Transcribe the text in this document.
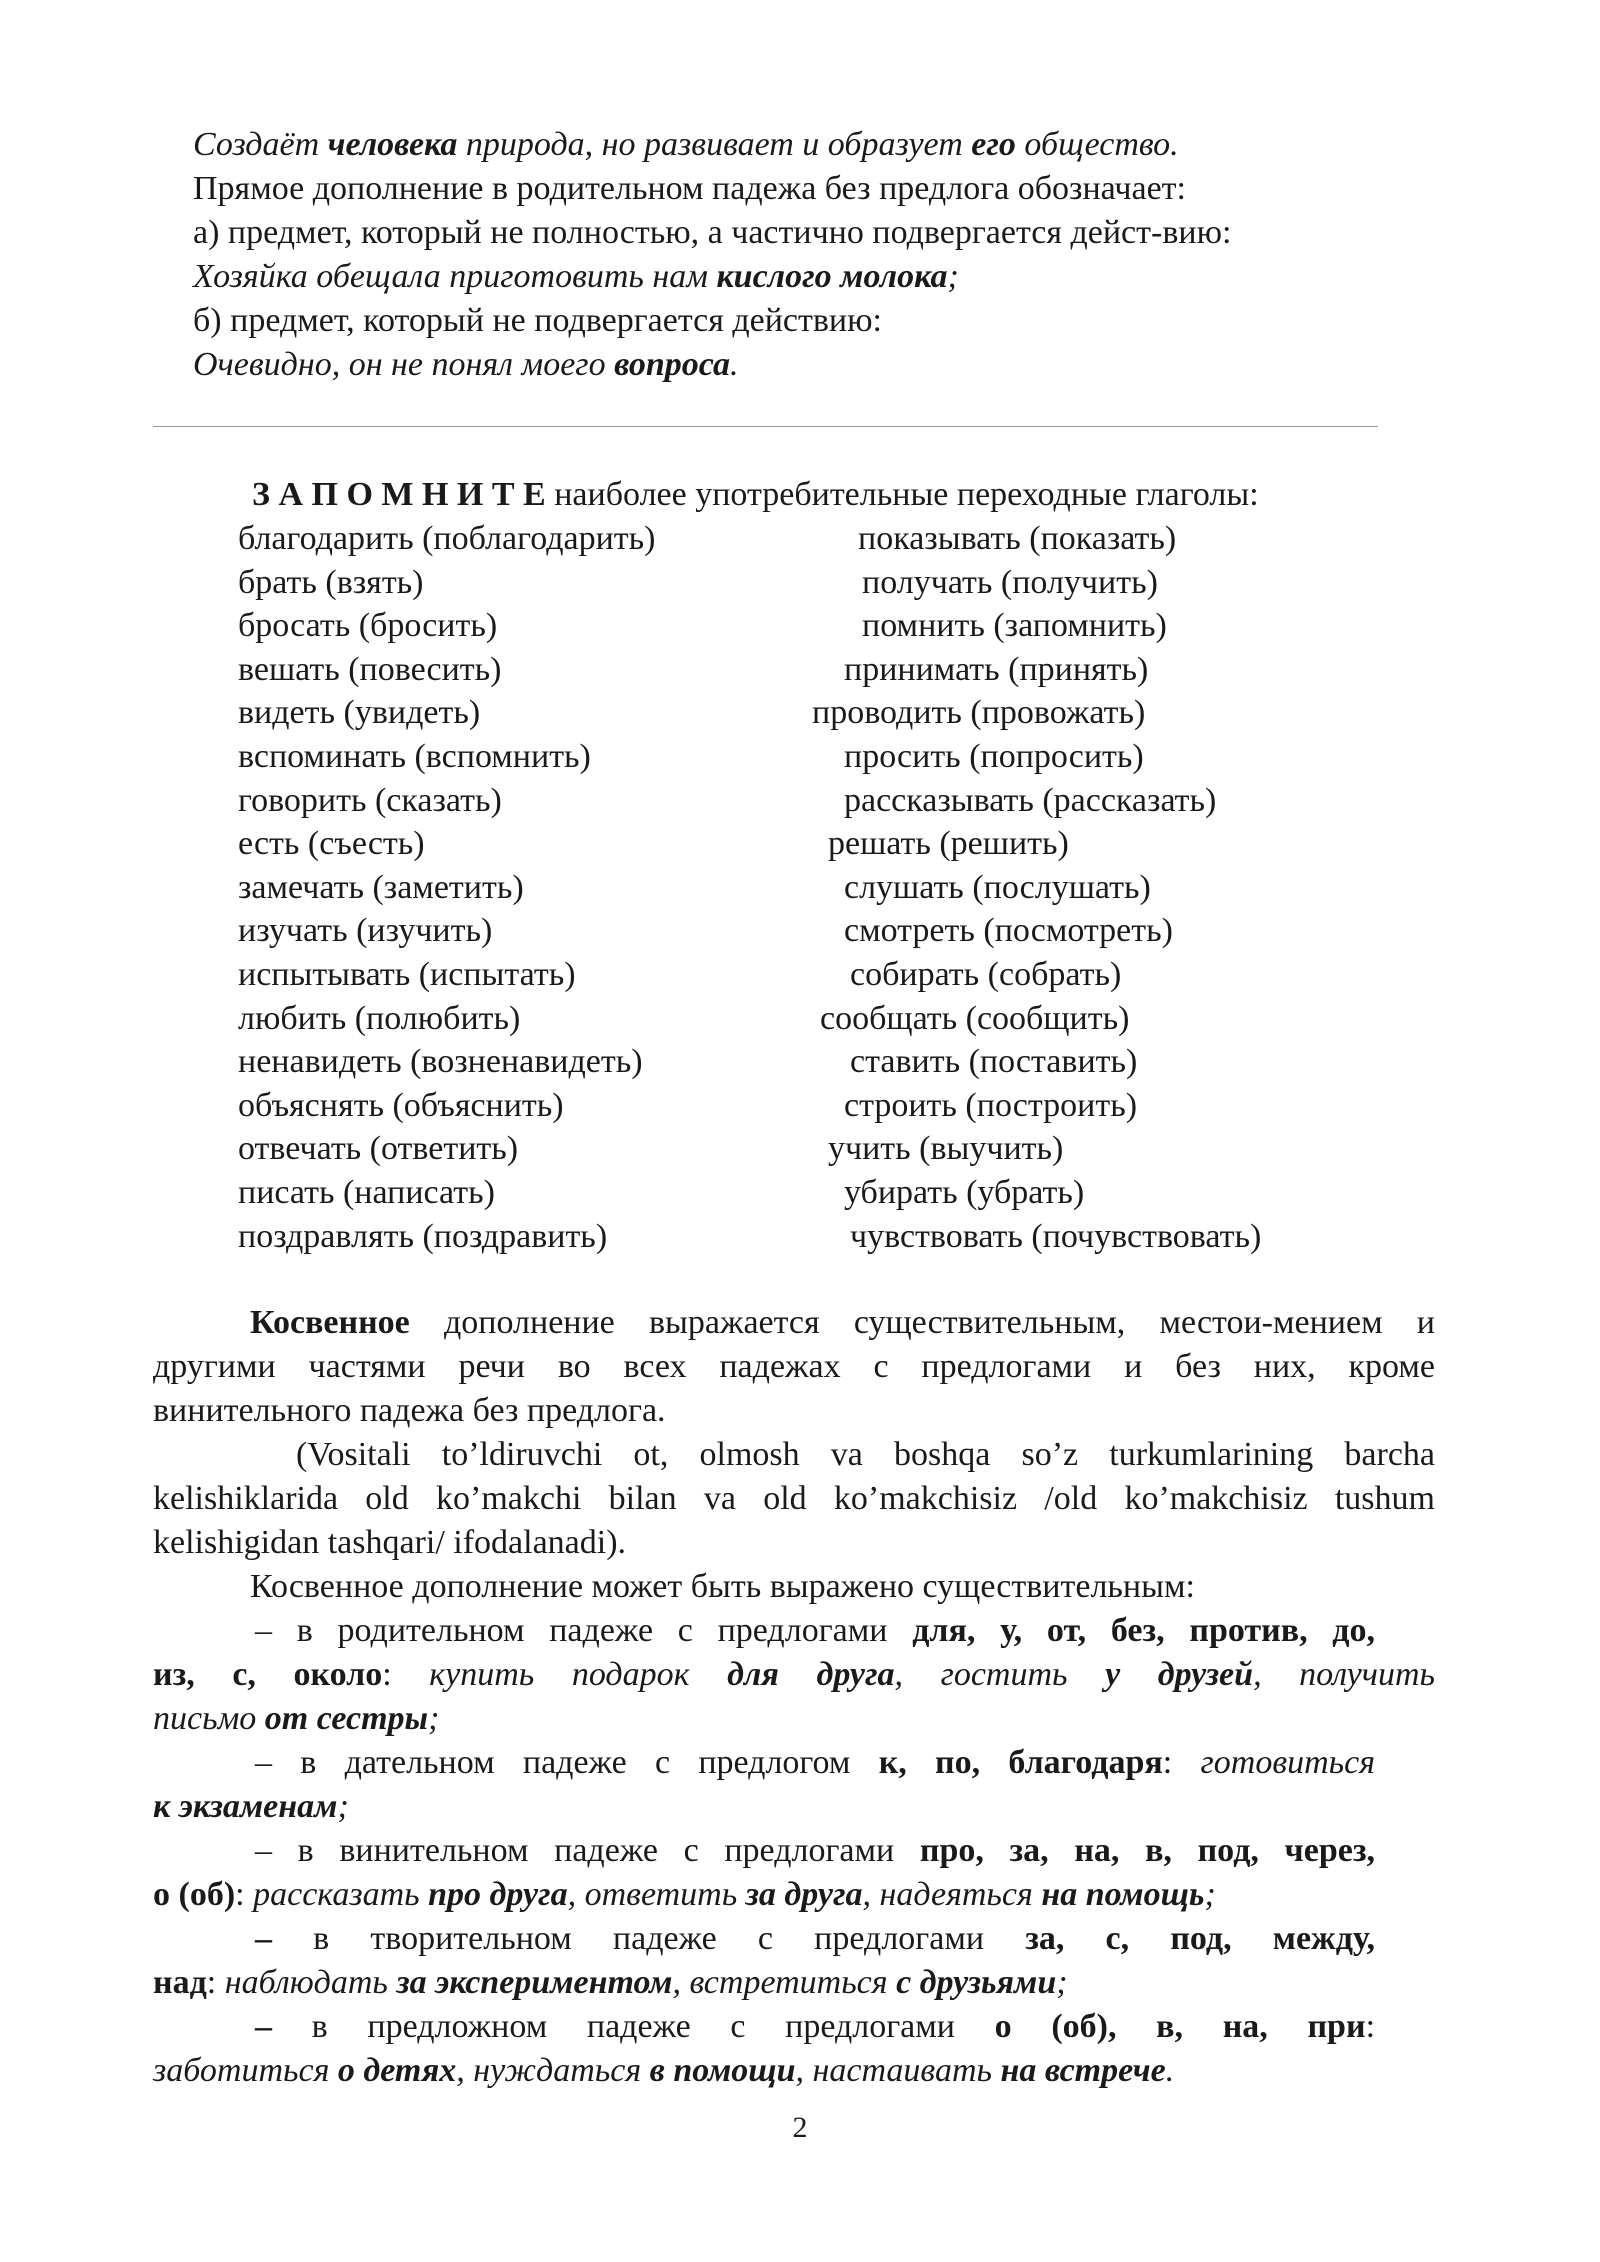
Создаёт человека природа, но развивает и образует его общество.
Прямое дополнение в родительном падежа без предлога обозначает:
а) предмет, который не полностью, а частично подвергается дейст-вию:
Хозяйка обещала приготовить нам кислого молока;
б) предмет, который не подвергается действию:
Очевидно, он не понял моего вопроса.
З А П О М Н И Т Е наиболее употребительные переходные глаголы:
благодарить (поблагодарить)
брать (взять)
бросать (бросить)
вешать (повесить)
видеть (увидеть)
вспоминать (вспомнить)
говорить (сказать)
есть (съесть)
замечать (заметить)
изучать (изучить)
испытывать (испытать)
любить (полюбить)
ненавидеть (возненавидеть)
объяснять (объяснить)
отвечать (ответить)
писать (написать)
поздравлять (поздравить)
показывать (показать)
получать (получить)
помнить (запомнить)
принимать (принять)
проводить (провожать)
просить (попросить)
рассказывать (рассказать)
решать (решить)
слушать (послушать)
смотреть (посмотреть)
собирать (собрать)
сообщать (сообщить)
ставить (поставить)
строить (построить)
учить (выучить)
убирать (убрать)
чувствовать (почувствовать)
Косвенное дополнение выражается существительным, местои-мением и
другими частями речи во всех падежах с предлогами и без них, кроме
винительного падежа без предлога.
(Vositali to’ldiruvchi ot, olmosh va boshqa so’z turkumlarining barcha
kelishiklarida old ko’makchi bilan va old ko’makchisiz /old ko’makchisiz tushum
kelishigidan tashqari/ ifodalanadi).
Косвенное дополнение может быть выражено существительным:
– в родительном падеже с предлогами для, у, от, без, против, до,
из, с, около: купить подарок для друга, гостить у друзей, получить
письмо от сестры;
– в дательном падеже с предлогом к, по, благодаря: готовиться
к экзаменам;
– в винительном падеже с предлогами про, за, на, в, под, через,
о (об): рассказать про друга, ответить за друга, надеяться на помощь;
– в творительном падеже с предлогами за, с, под, между,
над: наблюдать за экспериментом, встретиться с друзьями;
– в предложном падеже с предлогами о (об), в, на, при:
заботиться о детях, нуждаться в помощи, настаивать на встрече.
2
